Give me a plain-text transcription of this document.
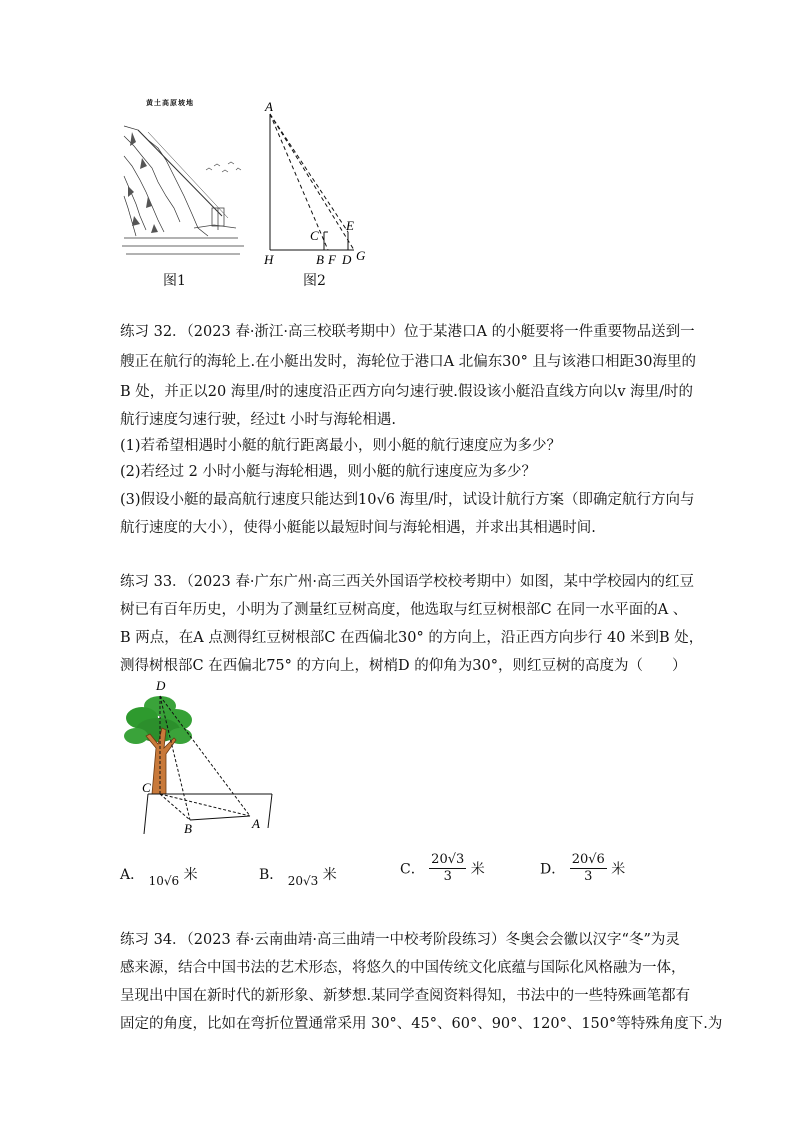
黄土高原坡地
图1
A
C
E
H	B F D G
图2
练习 32．（2023 春·浙江·高三校联考期中）位于某港口A 的小艇要将一件重要物品送到一
艘正在航行的海轮上.在小艇出发时，海轮位于港口A 北偏东30° 且与该港口相距30海里的
B 处，并正以20 海里/时的速度沿正西方向匀速行驶.假设该小艇沿直线方向以v 海里/时的
航行速度匀速行驶，经过t 小时与海轮相遇.
(1)若希望相遇时小艇的航行距离最小，则小艇的航行速度应为多少？
(2)若经过 2 小时小艇与海轮相遇，则小艇的航行速度应为多少？
(3)假设小艇的最高航行速度只能达到10√6 海里/时，试设计航行方案（即确定航行方向与
航行速度的大小），使得小艇能以最短时间与海轮相遇，并求出其相遇时间.
练习 33．（2023 春·广东广州·高三西关外国语学校校考期中）如图，某中学校园内的红豆
树已有百年历史，小明为了测量红豆树高度，他选取与红豆树根部C 在同一水平面的A 、
B 两点，在A 点测得红豆树根部C 在西偏北30° 的方向上，沿正西方向步行 40 米到B 处，
测得树根部C 在西偏北75° 的方向上，树梢D 的仰角为30°，则红豆树的高度为（　　）
D
C
B	A
A． 10√6 米	B． 20√3 米	C． $\frac{20√3}{3}$ 米	D． $\frac{20√6}{3}$ 米
练习 34．（2023 春·云南曲靖·高三曲靖一中校考阶段练习）冬奥会会徽以汉字“冬”为灵
感来源，结合中国书法的艺术形态，将悠久的中国传统文化底蕴与国际化风格融为一体，
呈现出中国在新时代的新形象、新梦想.某同学查阅资料得知，书法中的一些特殊画笔都有
固定的角度，比如在弯折位置通常采用 30°、45°、60°、90°、120°、150°等特殊角度下.为
